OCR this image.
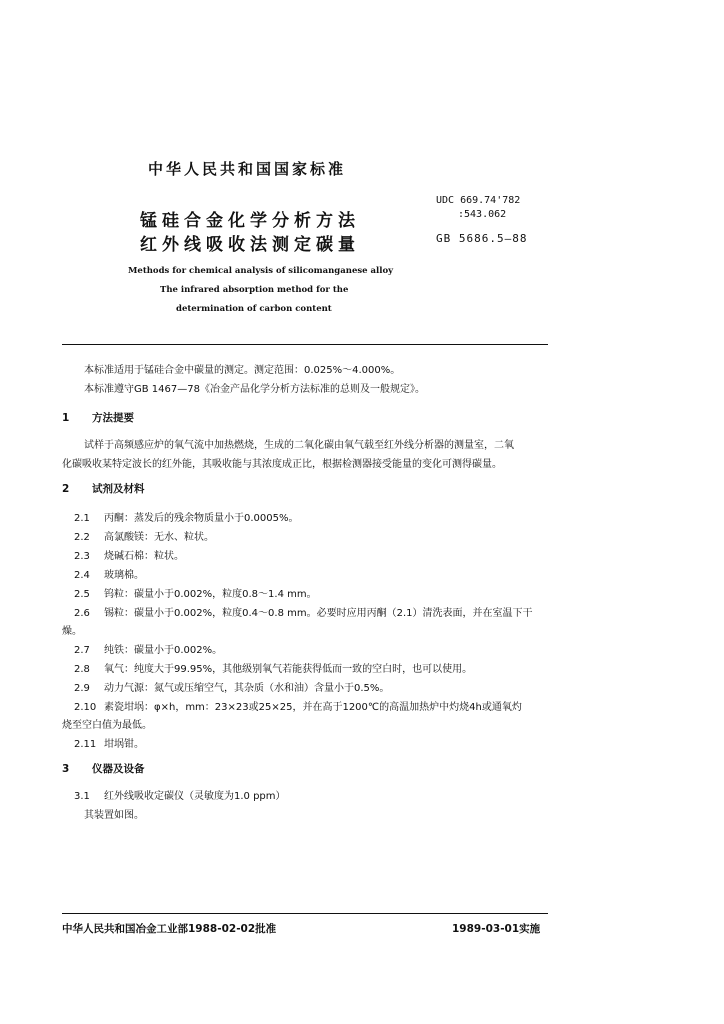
中华人民共和国国家标准
锰硅合金化学分析方法
红外线吸收法测定碳量
UDC 669.74'782
:543.062
GB 5686.5—88
Methods for chemical analysis of silicomanganese alloy
The infrared absorption method for the
determination of carbon content
本标准适用于锰硅合金中碳量的测定。测定范围：0.025%～4.000%。
本标准遵守GB 1467—78《冶金产品化学分析方法标准的总则及一般规定》。
1 方法提要
试样于高频感应炉的氧气流中加热燃烧，生成的二氧化碳由氧气载至红外线分析器的测量室，二氧
化碳吸收某特定波长的红外能，其吸收能与其浓度成正比，根据检测器接受能量的变化可测得碳量。
2 试剂及材料
2.1 丙酮：蒸发后的残余物质量小于0.0005%。
2.2 高氯酸镁：无水、粒状。
2.3 烧碱石棉：粒状。
2.4 玻璃棉。
2.5 钨粒：碳量小于0.002%，粒度0.8～1.4 mm。
2.6 锡粒：碳量小于0.002%，粒度0.4～0.8 mm。必要时应用丙酮（2.1）清洗表面，并在室温下干
燥。
2.7 纯铁：碳量小于0.002%。
2.8 氧气：纯度大于99.95%，其他级别氧气若能获得低而一致的空白时，也可以使用。
2.9 动力气源：氮气或压缩空气，其杂质（水和油）含量小于0.5%。
2.10 素瓷坩埚：φ×h，mm：23×23或25×25，并在高于1200℃的高温加热炉中灼烧4h或通氧灼
烧至空白值为最低。
2.11 坩埚钳。
3 仪器及设备
3.1 红外线吸收定碳仪（灵敏度为1.0 ppm）
其装置如图。
中华人民共和国冶金工业部1988-02-02批准	1989-03-01实施
